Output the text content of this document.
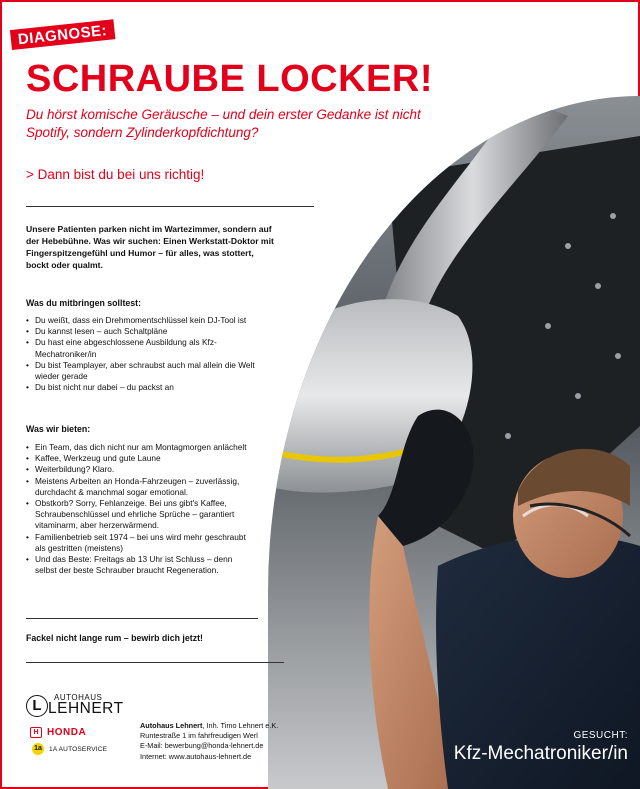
GESUCHT:
Kfz-Mechatroniker/in
DIAGNOSE:
SCHRAUBE LOCKER!
Du hörst komische Geräusche – und dein erster Gedanke ist nicht Spotify, sondern Zylinderkopfdichtung?
> Dann bist du bei uns richtig!
Unsere Patienten parken nicht im Wartezimmer, sondern auf der Hebebühne. Was wir suchen: Einen Werkstatt-Doktor mit Fingerspitzengefühl und Humor – für alles, was stottert, bockt oder qualmt.
Was du mitbringen solltest:
• Du weißt, dass ein Drehmomentschlüssel kein DJ-Tool ist
• Du kannst lesen – auch Schaltpläne
• Du hast eine abgeschlossene Ausbildung als Kfz-Mechatroniker/in
• Du bist Teamplayer, aber schraubst auch mal allein die Welt wieder gerade
• Du bist nicht nur dabei – du packst an
Was wir bieten:
• Ein Team, das dich nicht nur am Montagmorgen anlächelt
• Kaffee, Werkzeug und gute Laune
• Weiterbildung? Klaro.
• Meistens Arbeiten an Honda-Fahrzeugen – zuverlässig, durchdacht & manchmal sogar emotional.
• Obstkorb? Sorry, Fehlanzeige. Bei uns gibt's Kaffee, Schraubenschlüssel und ehrliche Sprüche – garantiert vitaminarm, aber herzerwärmend.
• Familienbetrieb seit 1974 – bei uns wird mehr geschraubt als gestritten (meistens)
• Und das Beste: Freitags ab 13 Uhr ist Schluss – denn selbst der beste Schrauber braucht Regeneration.
Fackel nicht lange rum – bewirb dich jetzt!
L	AUTOHAUS
LEHNERT
H HONDA
1a	1A AUTOSERVICE
Autohaus Lehnert, Inh. Timo Lehnert e.K.
Runtestraße 1 im fahrfreudigen Werl
E-Mail: bewerbung@honda-lehnert.de
Internet: www.autohaus-lehnert.de
